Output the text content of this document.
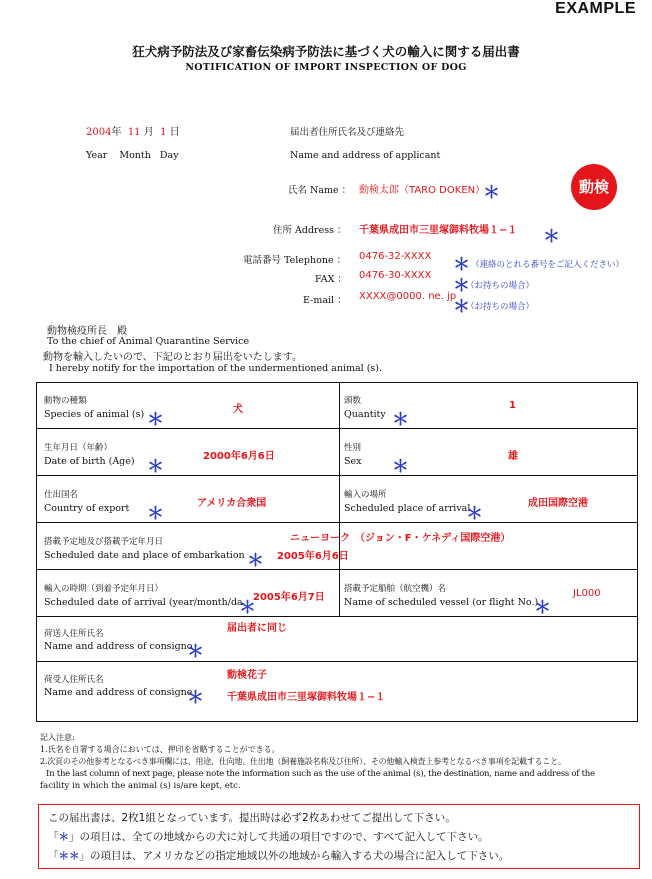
EXAMPLE
狂犬病予防法及び家畜伝染病予防法に基づく犬の輸入に関する届出書
NOTIFICATION OF IMPORT INSPECTION OF DOG
2004年 11 月 1 日
Year    Month   Day
届出者住所氏名及び連絡先
Name and address of applicant
氏名 Name ： 動検太郎（TARO DOKEN）
＊	動検
住所 Address ： 千葉県成田市三里塚御料牧場１−１ ＊
電話番号 Telephone ： 0476-32-XXXX ＊ （連絡のとれる番号をご記入ください）
FAX ： 0476-30-XXXX
＊
（お持ちの場合）
E-mail ： XXXX@0000. ne. jp
＊
（お持ちの場合）
動物検疫所長　殿
To the chief of Animal Quarantine Service
動物を輸入したいので、下記のとおり届出をいたします。
I hereby notify for the importation of the undermentioned animal (s).
動物の種類
Species of animal (s) ＊
犬
頭数
Quantity ＊
1
生年月日（年齢）
Date of birth (Age) ＊
2000年6月6日
性別
Sex ＊
雄
仕出国名
Country of export ＊
アメリカ合衆国
輸入の場所
Scheduled place of arrival
＊
成田国際空港
搭載予定地及び搭載予定年月日
Scheduled date and place of embarkation ＊
ニューヨーク　（ジョン・F・ケネディ国際空港）
2005年6月6日
輸入の時期（到着予定年月日）
Scheduled date of arrival (year/month/da
＊
2005年6月7日
搭載予定船舶（航空機）名
Name of scheduled vessel (or flight No.)
＊
JL000
荷送人住所氏名
Name and address of consigno
＊
届出者に同じ
荷受人住所氏名
Name and address of consigne
＊
動検花子
千葉県成田市三里塚御料牧場１−１
記入注意:
1.氏名を自署する場合においては、押印を省略することができる。
2.次頁のその他参考となるべき事項欄には、用途、仕向地、仕出地（飼養施設名称及び住所）、その他輸入検査上参考となるべき事項を記載すること。
In the last column of next page, please note the information such as the use of the animal (s), the destination, name and address of the
facility in which the animal (s) is/are kept, etc.
この届出書は、2枚1組となっています。提出時は必ず2枚あわせてご提出して下さい。
「＊」の項目は、全ての地域からの犬に対して共通の項目ですので、すべて記入して下さい。
「＊＊」の項目は、アメリカなどの指定地域以外の地域から輸入する犬の場合に記入して下さい。
